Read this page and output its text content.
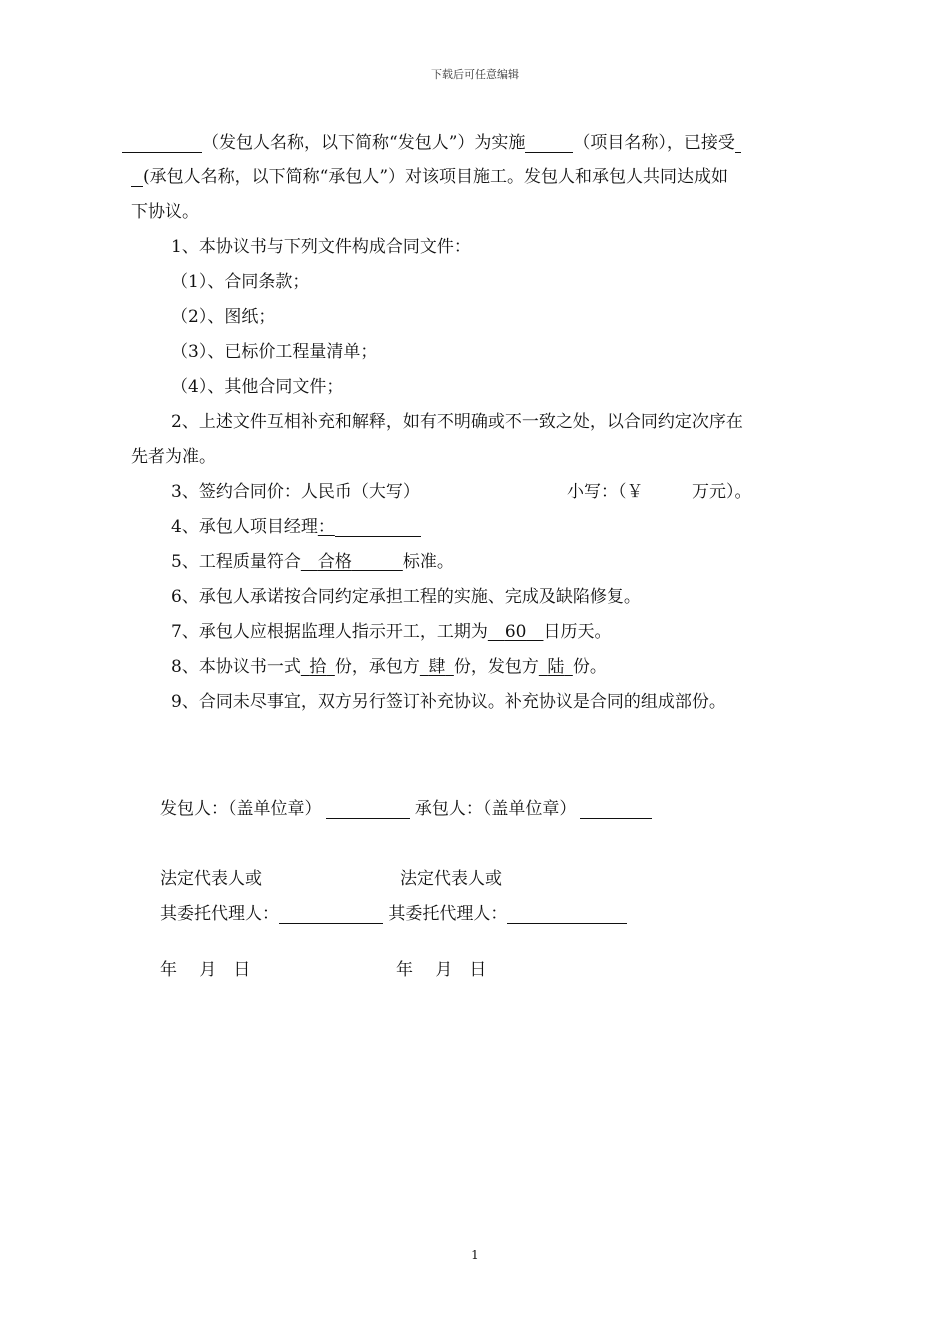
下载后可任意编辑
（发包人名称，以下简称“发包人”）为实施	（项目名称），已接受
(承包人名称，以下简称“承包人”）对该项目施工。发包人和承包人共同达成如
下协议。
1、本协议书与下列文件构成合同文件：
（1）、合同条款；
（2）、图纸；
（3）、已标价工程量清单；
（4）、其他合同文件；
2、上述文件互相补充和解释，如有不明确或不一致之处，以合同约定次序在
先者为准。
3、签约合同价：人民币（大写）	小写：（￥	万元）。
4、承包人项目经理：
5、工程质量符合   合格      	标准。
6、承包人承诺按合同约定承担工程的实施、完成及缺陷修复。
7、承包人应根据监理人指示开工，工期为   60   日历天。
8、本协议书一式  拾  份，承包方  肆  份，发包方  陆  份。
9、合同未尽事宜，双方另行签订补充协议。补充协议是合同的组成部份。
发包人：（盖单位章）	承包人：（盖单位章）
法定代表人或	法定代表人或
其委托代理人：	其委托代理人：
年　 月　日	年　 月　日
1
